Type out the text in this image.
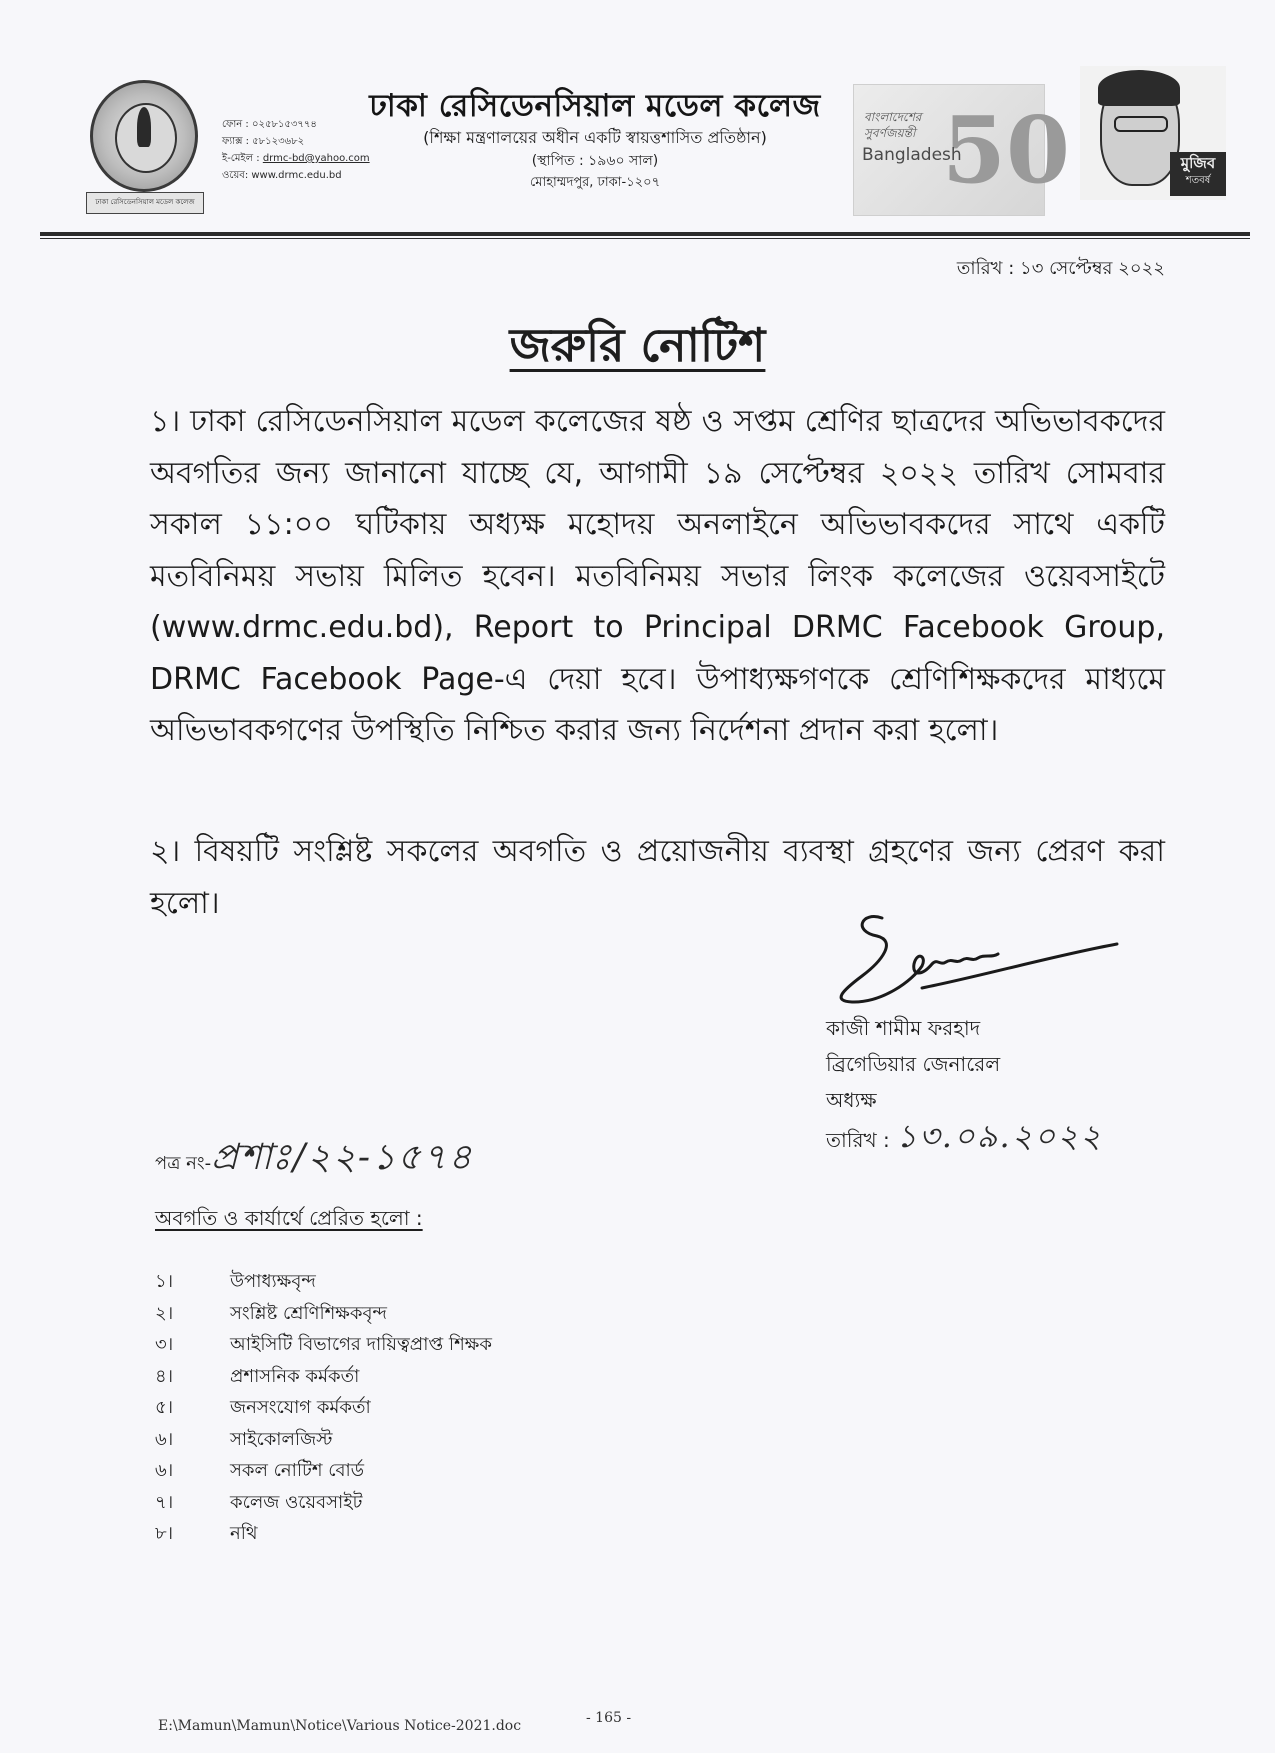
ঢাকা রেসিডেনসিয়াল মডেল কলেজ
ফোন : ০২৫৮১৫৩৭৭৪
ফ্যাক্স : ৫৮১২৩৬৮২
ই-মেইল : drmc-bd@yahoo.com
ওয়েব: www.drmc.edu.bd
ঢাকা রেসিডেনসিয়াল মডেল কলেজ
(শিক্ষা মন্ত্রণালয়ের অধীন একটি স্বায়ত্তশাসিত প্রতিষ্ঠান)
(স্থাপিত : ১৯৬০ সাল)
মোহাম্মদপুর, ঢাকা-১২০৭
বাংলাদেশের
সুবর্ণজয়ন্তী 50
Bangladesh	মুজিব
শতবর্ষ
তারিখ : ১৩ সেপ্টেম্বর ২০২২
জরুরি নোটিশ
১। ঢাকা রেসিডেনসিয়াল মডেল কলেজের ষষ্ঠ ও সপ্তম শ্রেণির ছাত্রদের অভিভাবকদের অবগতির জন্য জানানো যাচ্ছে যে, আগামী ১৯ সেপ্টেম্বর ২০২২ তারিখ সোমবার সকাল ১১:০০ ঘটিকায় অধ্যক্ষ মহোদয় অনলাইনে অভিভাবকদের সাথে একটি মতবিনিময় সভায় মিলিত হবেন। মতবিনিময় সভার লিংক কলেজের ওয়েবসাইটে (www.drmc.edu.bd), Report to Principal DRMC Facebook Group, DRMC Facebook Page-এ দেয়া হবে। উপাধ্যক্ষগণকে শ্রেণিশিক্ষকদের মাধ্যমে অভিভাবকগণের উপস্থিতি নিশ্চিত করার জন্য নির্দেশনা প্রদান করা হলো।
২। বিষয়টি সংশ্লিষ্ট সকলের অবগতি ও প্রয়োজনীয় ব্যবস্থা গ্রহণের জন্য প্রেরণ করা হলো।
কাজী শামীম ফরহাদ
ব্রিগেডিয়ার জেনারেল
অধ্যক্ষ
তারিখ : ১৩.০৯.২০২২
পত্র নং-প্রশাঃ/২২-১৫৭৪
অবগতি ও কার্যার্থে প্রেরিত হলো :
১।	উপাধ্যক্ষবৃন্দ
২।	সংশ্লিষ্ট শ্রেণিশিক্ষকবৃন্দ
৩।	আইসিটি বিভাগের দায়িত্বপ্রাপ্ত শিক্ষক
৪।	প্রশাসনিক কর্মকর্তা
৫।	জনসংযোগ কর্মকর্তা
৬।	সাইকোলজিস্ট
৬।	সকল নোটিশ বোর্ড
৭।	কলেজ ওয়েবসাইট
৮।	নথি
E:\Mamun\Mamun\Notice\Various Notice-2021.doc	- 165 -
